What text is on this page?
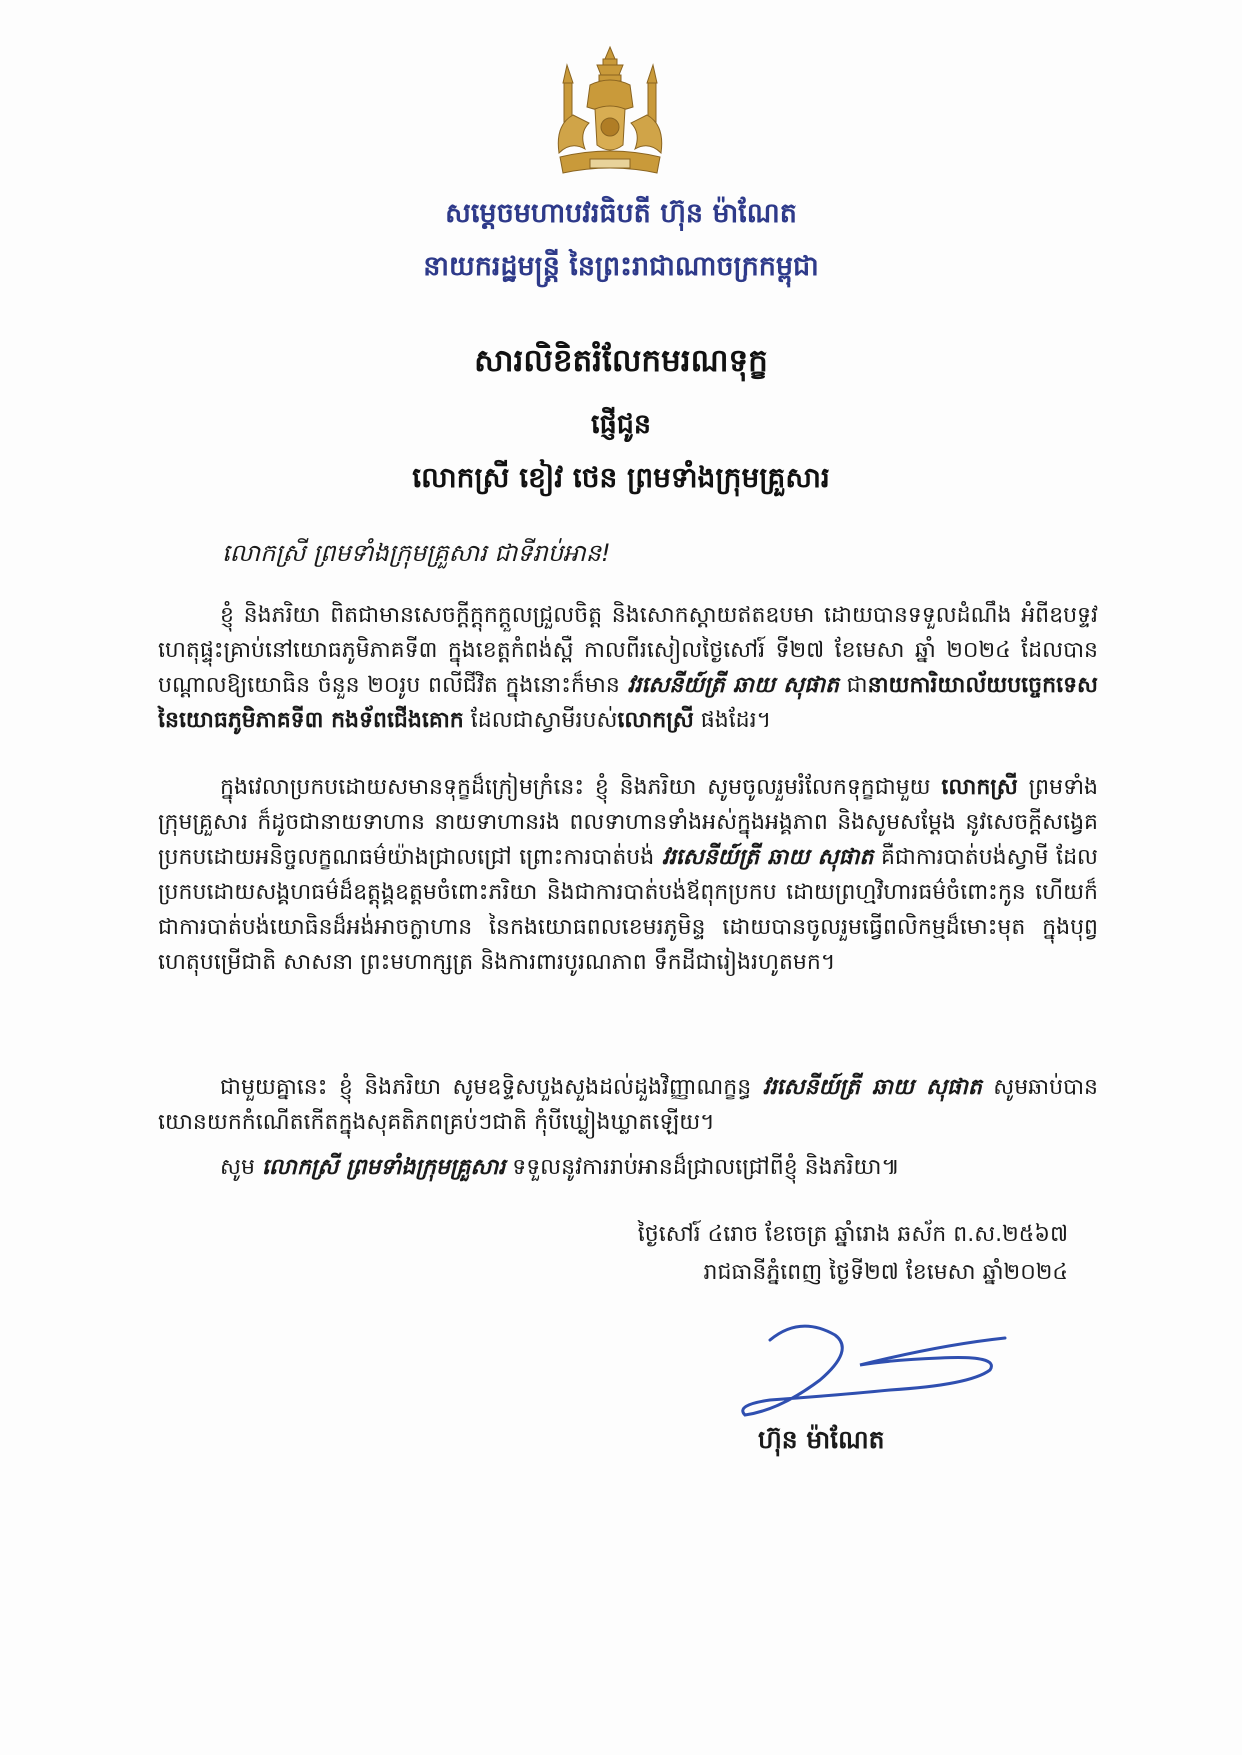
សម្ដេចមហាបវរធិបតី ហ៊ុន ម៉ាណែត
នាយករដ្ឋមន្ត្រី នៃព្រះរាជាណាចក្រកម្ពុជា
សារលិខិតរំលែកមរណទុក្ខ
ផ្ញើជូន
លោកស្រី ខៀវ ថេន ព្រមទាំងក្រុមគ្រួសារ
លោកស្រី ព្រមទាំងក្រុមគ្រួសារ ជាទីរាប់អាន!
ខ្ញុំ និងភរិយា ពិតជាមានសេចក្ដីក្ដុកក្ដួលជ្រួលចិត្ត និងសោកស្ដាយឥតឧបមា ដោយបានទទួលដំណឹង អំពីឧបទ្ទវហេតុផ្ទុះគ្រាប់នៅយោធភូមិភាគទី៣ ក្នុងខេត្តកំពង់ស្ពឺ កាលពីរសៀលថ្ងៃសៅរ៍ ទី២៧ ខែមេសា ឆ្នាំ ២០២៤ ដែលបានបណ្ដាលឱ្យយោធិន ចំនួន ២០រូប ពលីជីវិត ក្នុងនោះក៏មាន វរសេនីយ៍ត្រី ឆាយ សុផាត ជានាយការិយាល័យបច្ចេកទេសនៃយោធភូមិភាគទី៣ កងទ័ពជើងគោក ដែលជាស្វាមីរបស់លោកស្រី ផងដែរ។
ក្នុងវេលាប្រកបដោយសមានទុក្ខដ៏ក្រៀមក្រំនេះ ខ្ញុំ និងភរិយា សូមចូលរួមរំលែកទុក្ខជាមួយ លោកស្រី ព្រមទាំងក្រុមគ្រួសារ ក៏ដូចជានាយទាហាន នាយទាហានរង ពលទាហានទាំងអស់ក្នុងអង្គភាព និងសូមសម្ដែង នូវសេចក្ដីសង្វេគប្រកបដោយអនិច្ចលក្ខណធម៌យ៉ាងជ្រាលជ្រៅ ព្រោះការបាត់បង់ វរសេនីយ៍ត្រី ឆាយ សុផាត គឺជាការបាត់បង់ស្វាមី ដែលប្រកបដោយសង្គហធម៌ដ៏ឧត្ដុង្គឧត្ដមចំពោះភរិយា និងជាការបាត់បង់ឪពុកប្រកប ដោយព្រហ្មវិហារធម៌ចំពោះកូន ហើយក៏ជាការបាត់បង់យោធិនដ៏អង់អាចក្លាហាន នៃកងយោធពលខេមរភូមិន្ទ ដោយបានចូលរួមធ្វើពលិកម្មដ៏មោះមុត ក្នុងបុព្វហេតុបម្រើជាតិ សាសនា ព្រះមហាក្សត្រ និងការពារបូរណភាព ទឹកដីជារៀងរហូតមក។
ជាមួយគ្នានេះ ខ្ញុំ និងភរិយា សូមឧទ្ទិសបួងសួងដល់ដួងវិញ្ញាណក្ខន្ធ វរសេនីយ៍ត្រី ឆាយ សុផាត សូមឆាប់បានយោនយកកំណើតកើតក្នុងសុគតិភពគ្រប់ៗជាតិ កុំបីឃ្លៀងឃ្លាតឡើយ។
សូម លោកស្រី ព្រមទាំងក្រុមគ្រួសារ ទទួលនូវការរាប់អានដ៏ជ្រាលជ្រៅពីខ្ញុំ និងភរិយា៕
ថ្ងៃសៅរ៍ ៤រោច ខែចេត្រ ឆ្នាំរោង ឆស័ក ព.ស.២៥៦៧
រាជធានីភ្នំពេញ ថ្ងៃទី២៧ ខែមេសា ឆ្នាំ២០២៤
ហ៊ុន ម៉ាណែត
